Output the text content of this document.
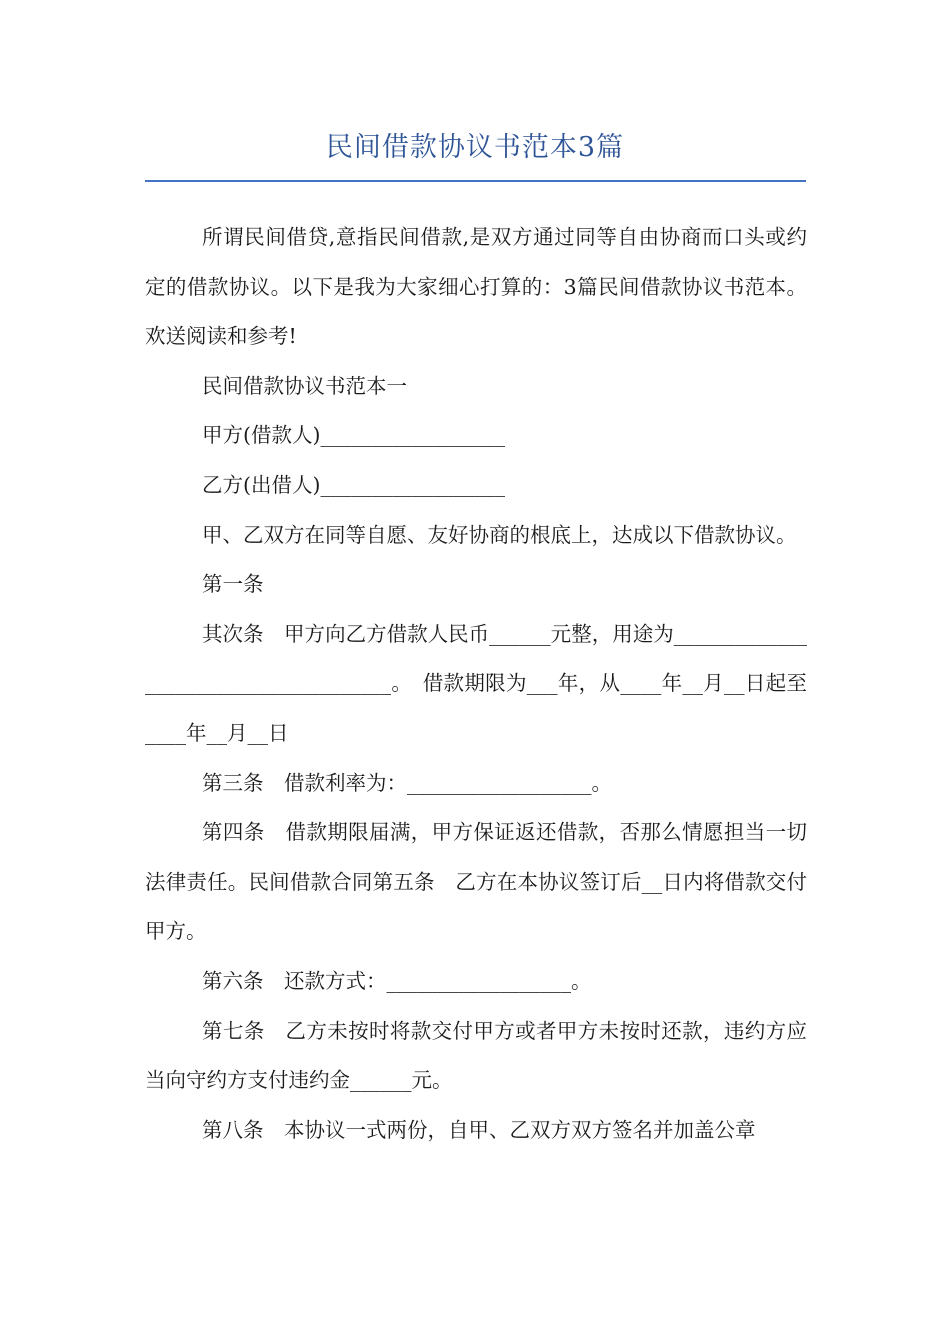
民间借款协议书范本3篇

所谓民间借贷,意指民间借款,是双方通过同等自由协商而口头或约定的借款协议。以下是我为大家细心打算的：3篇民间借款协议书范本。欢送阅读和参考!

民间借款协议书范本一

甲方(借款人)__________________

乙方(出借人)__________________

甲、乙双方在同等自愿、友好协商的根底上，达成以下借款协议。

第一条

其次条　甲方向乙方借款人民币______元整，用途为_____________________________________。　借款期限为___年，从____年__月__日起至____年__月__日

第三条　借款利率为：__________________。

第四条　借款期限届满，甲方保证返还借款，否那么情愿担当一切法律责任。民间借款合同第五条　乙方在本协议签订后__日内将借款交付甲方。

第六条　还款方式：__________________。

第七条　乙方未按时将款交付甲方或者甲方未按时还款，违约方应当向守约方支付违约金______元。

第八条　本协议一式两份，自甲、乙双方双方签名并加盖公章
